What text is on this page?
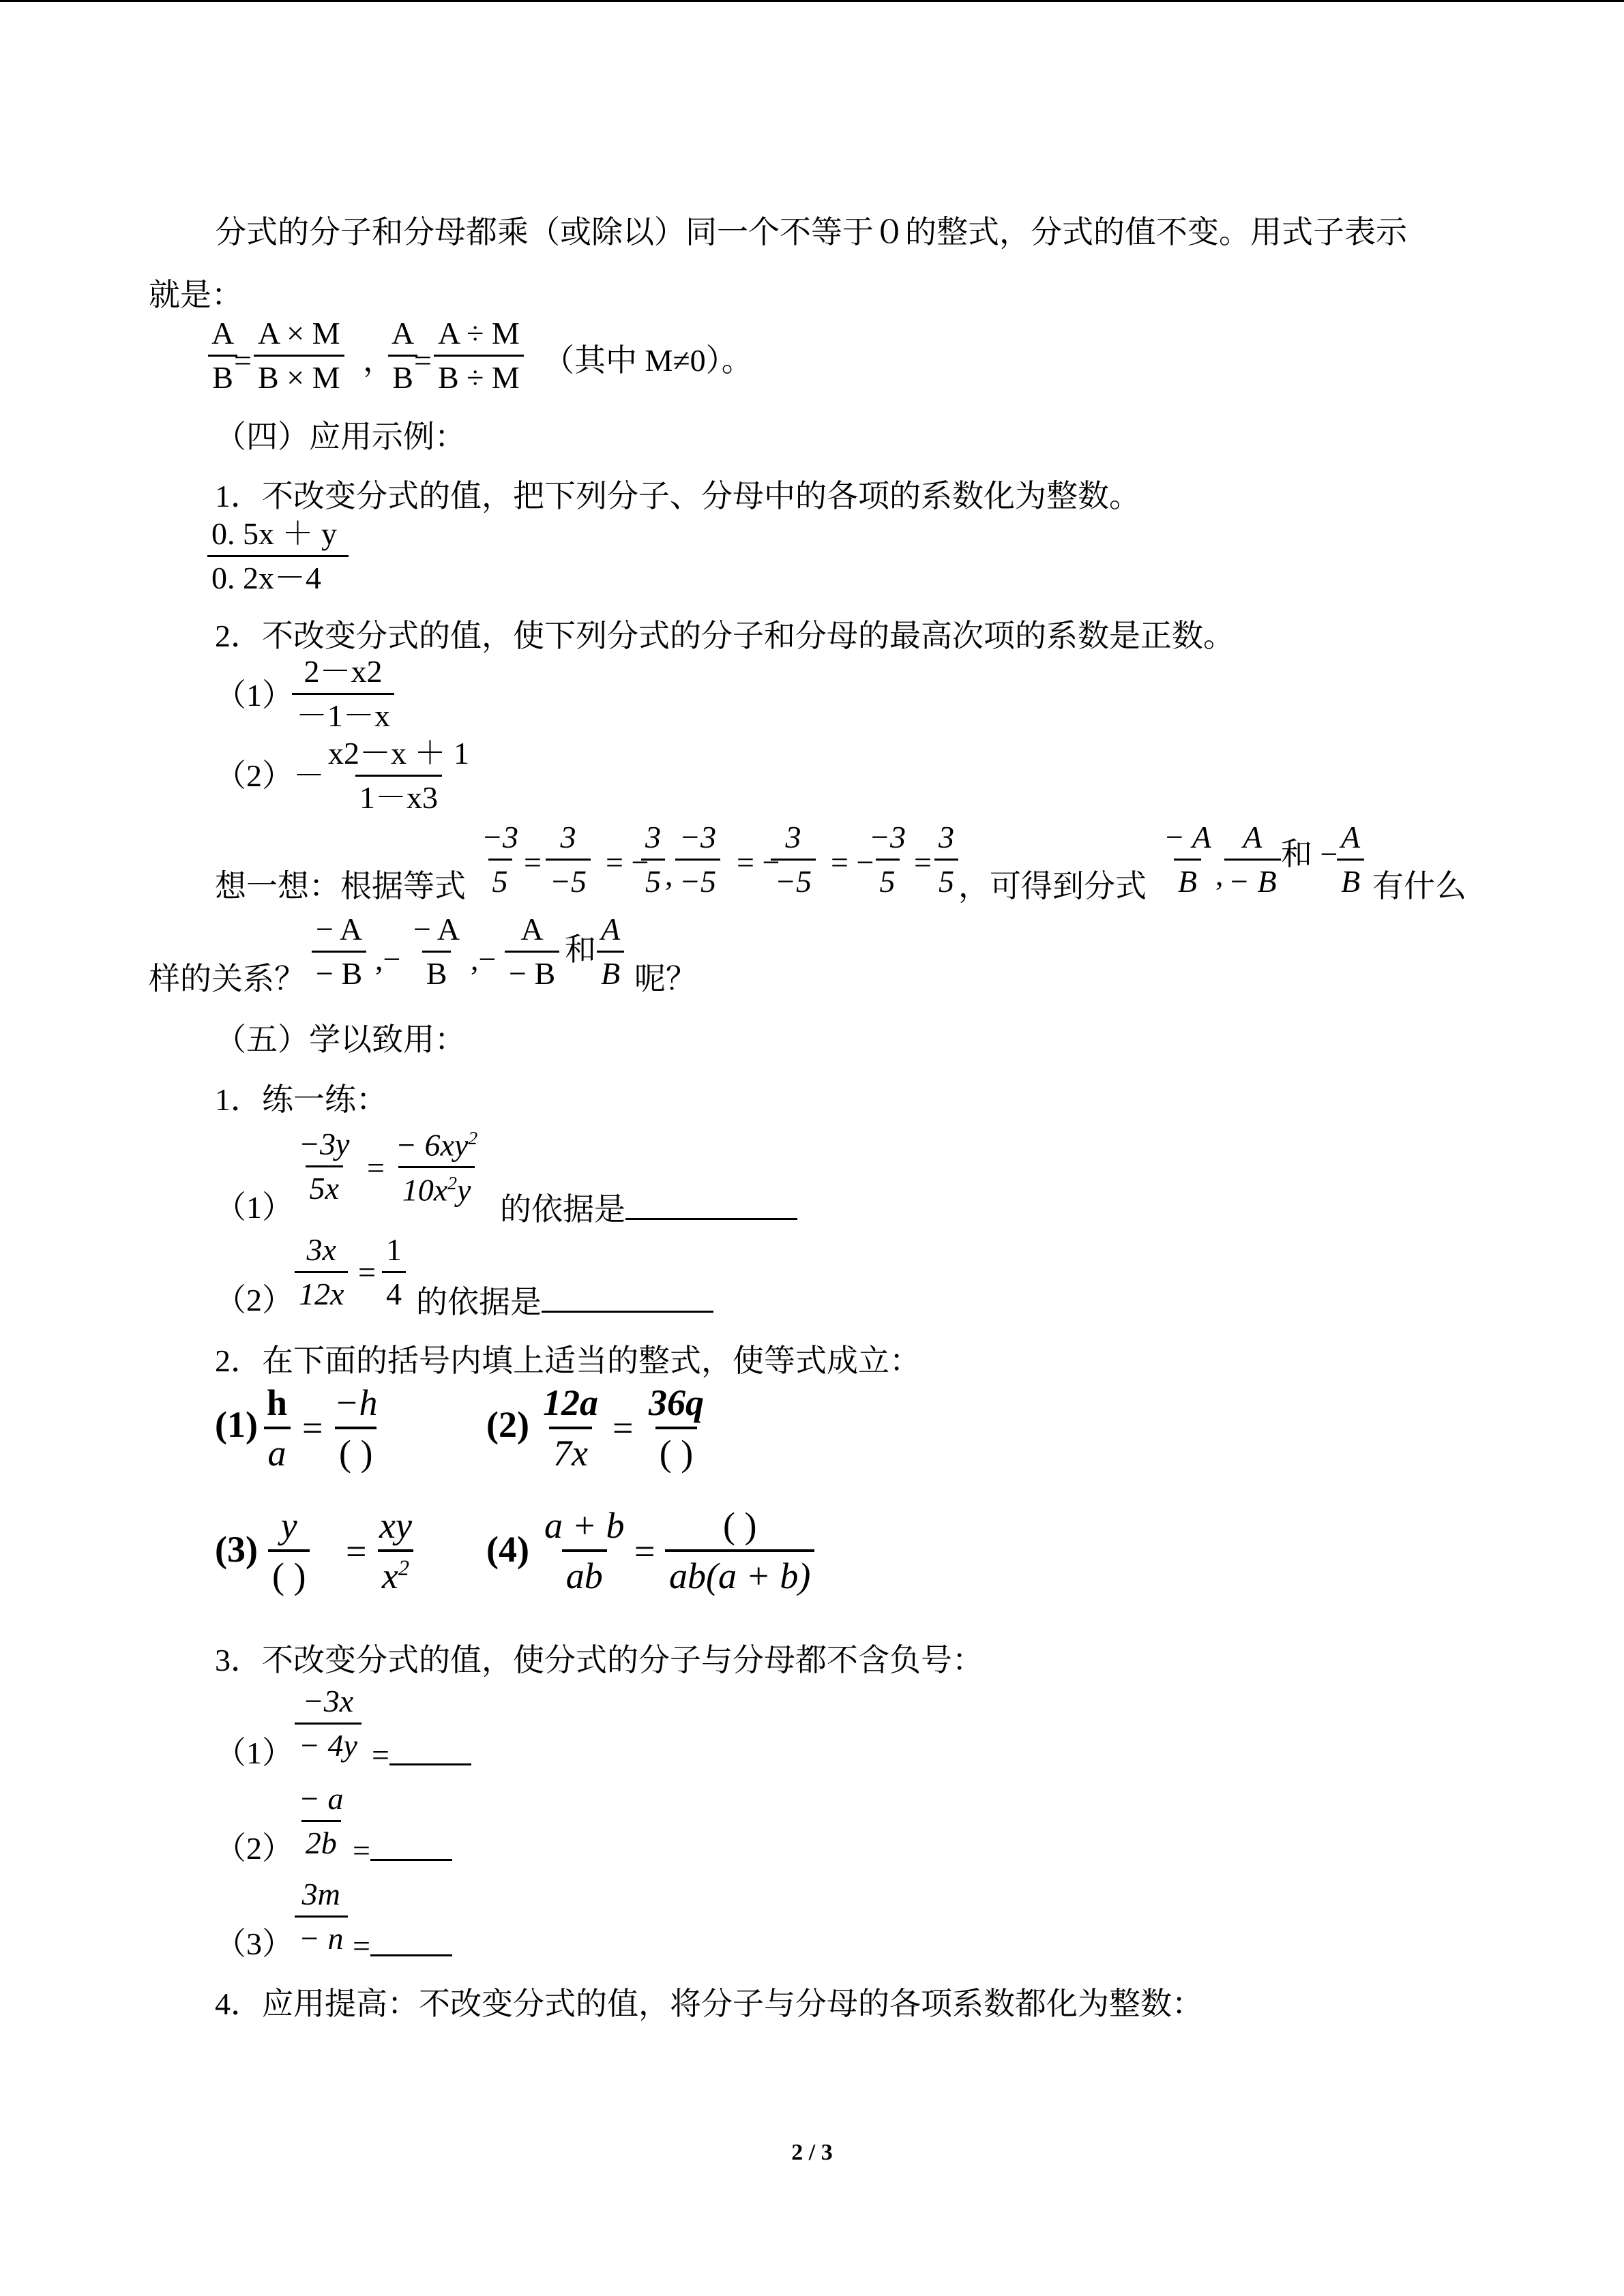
分式的分子和分母都乘（或除以）同一个不等于０的整式，分式的值不变。用式子表示
就是：
A
B =
A × M
B × M ，
A
B =
A ÷ M
B ÷ M （其中 M≠0）。
（四）应用示例：
1．不改变分式的值，把下列分子、分母中的各项的系数化为整数。
0. 5x ＋ y
0. 2x－4
2．不改变分式的值，使下列分式的分子和分母的最高次项的系数是正数。
（1）
2－x2
－1－x
（2）－
x2－x ＋ 1
1－x3
想一想：根据等式
−3
5
=
3
−5
= −
3
5 ,
−3
−5
= −
3
−5
= −
−3
5
=
3
5 ，可得到分式
− A
B ,
A
− B
和 − A
B 有什么
样的关系？
− A
− B ,−
− A
B ,−
A
− B
和
A
B 呢？
（五）学以致用：
1．练一练：
（1）
−3y
5x
=
− $6xy^2$
$10x^2y$
的依据是
（2）
3x
12x
=
1
4 的依据是
2．在下面的括号内填上适当的整式，使等式成立：
(1)
h
a
=
−h
( )
(2)
12a
7x
=
36q
( )
(3)
y
( )
=
xy
$x^2$ (4)
a + b
ab
=
( )
ab(a + b)
3．不改变分式的值，使分式的分子与分母都不含负号：
（1）
−3x
− 4y =
（2）
− a
2b =
（3）
3m
− n =
4．应用提高：不改变分式的值，将分子与分母的各项系数都化为整数：
2 / 3
